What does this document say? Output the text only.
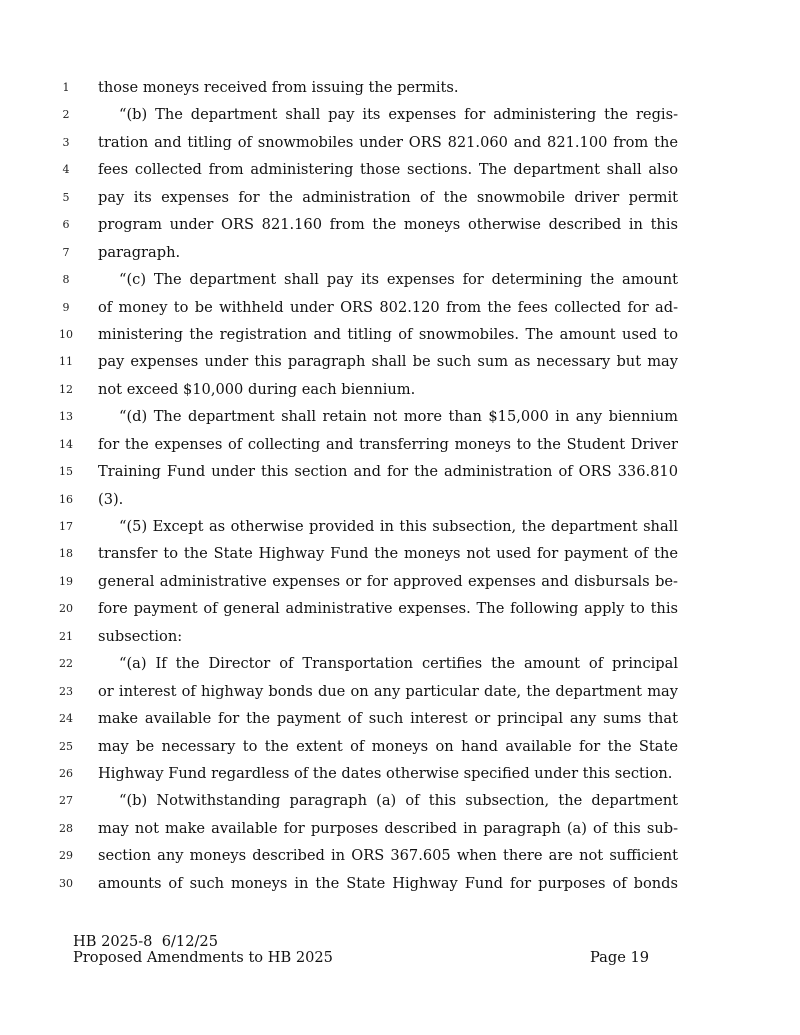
1	those moneys received from issuing the permits.
2	“(b) The department shall pay its expenses for administering the regis-
3	tration and titling of snowmobiles under ORS 821.060 and 821.100 from the
4	fees collected from administering those sections. The department shall also
5	pay its expenses for the administration of the snowmobile driver permit
6	program under ORS 821.160 from the moneys otherwise described in this
7	paragraph.
8	“(c) The department shall pay its expenses for determining the amount
9	of money to be withheld under ORS 802.120 from the fees collected for ad-
10	ministering the registration and titling of snowmobiles. The amount used to
11	pay expenses under this paragraph shall be such sum as necessary but may
12	not exceed $10,000 during each biennium.
13	“(d) The department shall retain not more than $15,000 in any biennium
14	for the expenses of collecting and transferring moneys to the Student Driver
15	Training Fund under this section and for the administration of ORS 336.810
16	(3).
17	“(5) Except as otherwise provided in this subsection, the department shall
18	transfer to the State Highway Fund the moneys not used for payment of the
19	general administrative expenses or for approved expenses and disbursals be-
20	fore payment of general administrative expenses. The following apply to this
21	subsection:
22	“(a) If the Director of Transportation certifies the amount of principal
23	or interest of highway bonds due on any particular date, the department may
24	make available for the payment of such interest or principal any sums that
25	may be necessary to the extent of moneys on hand available for the State
26	Highway Fund regardless of the dates otherwise specified under this section.
27	“(b) Notwithstanding paragraph (a) of this subsection, the department
28	may not make available for purposes described in paragraph (a) of this sub-
29	section any moneys described in ORS 367.605 when there are not sufficient
30	amounts of such moneys in the State Highway Fund for purposes of bonds
HB 2025-8 6/12/25
Proposed Amendments to HB 2025	Page 19
